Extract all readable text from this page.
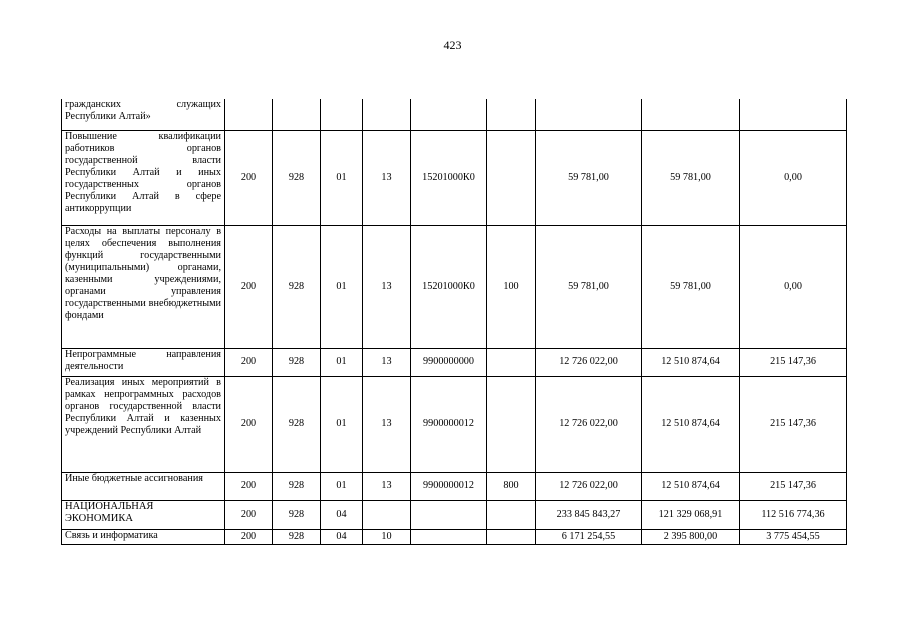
423
гражданских служащих Республики Алтай»									
Повышение квалификации работников органов государственной власти Республики Алтай и иных государственных органов Республики Алтай в сфере антикоррупции	200	928	01	13	15201000К0		59 781,00	59 781,00	0,00
Расходы на выплаты персоналу в целях обеспечения выполнения функций государственными (муниципальными) органами, казенными учреждениями, органами управления государственными внебюджетными фондами	200	928	01	13	15201000К0	100	59 781,00	59 781,00	0,00
Непрограммные направления деятельности	200	928	01	13	9900000000		12 726 022,00	12 510 874,64	215 147,36
Реализация иных мероприятий в рамках непрограммных расходов органов государственной власти Республики Алтай и казенных учреждений Республики Алтай	200	928	01	13	9900000012		12 726 022,00	12 510 874,64	215 147,36
Иные бюджетные ассигнования	200	928	01	13	9900000012	800	12 726 022,00	12 510 874,64	215 147,36
НАЦИОНАЛЬНАЯ ЭКОНОМИКА	200	928	04				233 845 843,27	121 329 068,91	112 516 774,36
Связь и информатика	200	928	04	10			6 171 254,55	2 395 800,00	3 775 454,55
